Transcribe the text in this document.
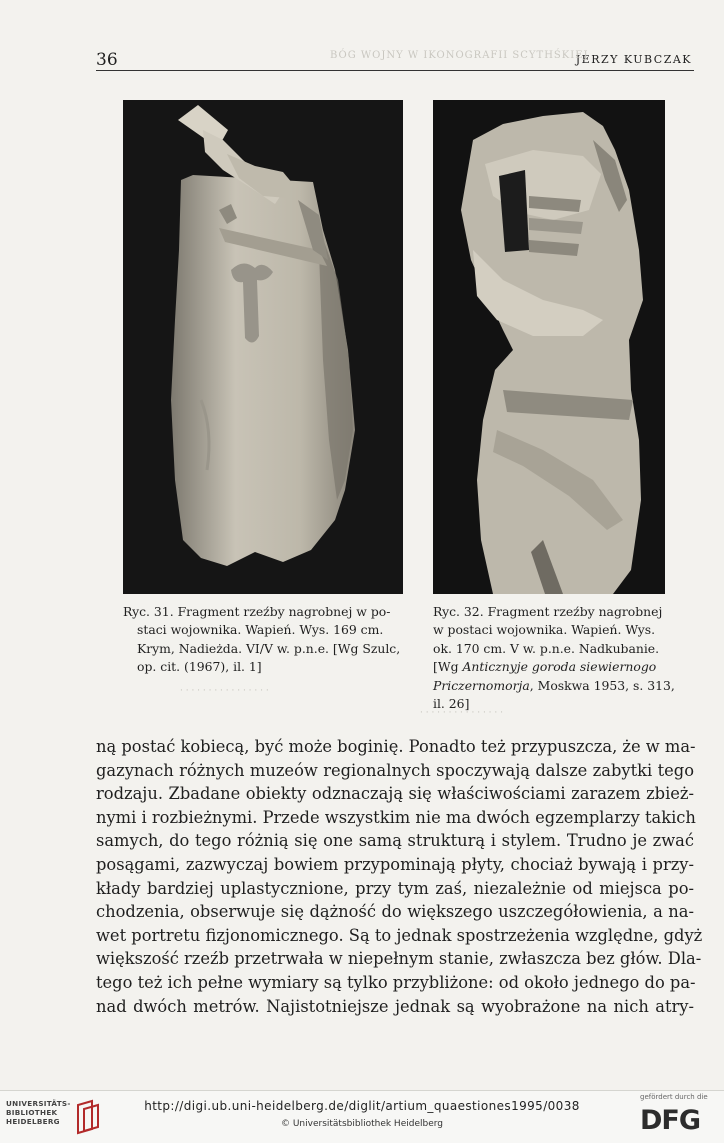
36	JERZY KUBCZAK
BÓG WOJNY W IKONOGRAFII SCYTHŚKIEJ
Ryc. 31. Fragment rzeźby nagrobnej w po-
staci wojownika. Wapień. Wys. 169 cm.
Krym, Nadieżda. VI/V w. p.n.e. [Wg Szulc,
op. cit. (1967), il. 1]
Ryc. 32. Fragment rzeźby nagrobnej
w postaci wojownika. Wapień. Wys.
ok. 170 cm. V w. p.n.e. Nadkubanie.
[Wg Anticznyje goroda siewiernogo
Priczernomorja, Moskwa 1953, s. 313,
il. 26]
· · · · · · · · · · · · · · · ·
· · · · · · · · · · · · · · ·
ną postać kobiecą, być może boginię. Ponadto też przypuszcza, że w ma-
gazynach różnych muzeów regionalnych spoczywają dalsze zabytki tego
rodzaju. Zbadane obiekty odznaczają się właściwościami zarazem zbież-
nymi i rozbieżnymi. Przede wszystkim nie ma dwóch egzemplarzy takich
samych, do tego różnią się one samą strukturą i stylem. Trudno je zwać
posągami, zazwyczaj bowiem przypominają płyty, chociaż bywają i przy-
kłady bardziej uplastycznione, przy tym zaś, niezależnie od miejsca po-
chodzenia, obserwuje się dążność do większego uszczegółowienia, a na-
wet portretu fizjonomicznego. Są to jednak spostrzeżenia względne, gdyż
większość rzeźb przetrwała w niepełnym stanie, zwłaszcza bez głów. Dla-
tego też ich pełne wymiary są tylko przybliżone: od około jednego do pa-
nad dwóch metrów. Najistotniejsze jednak są wyobrażone na nich atry-
UNIVERSITÄTS-
BIBLIOTHEK
HEIDELBERG
http://digi.ub.uni-heidelberg.de/diglit/artium_quaestiones1995/0038
© Universitätsbibliothek Heidelberg
gefördert durch die
DFG
